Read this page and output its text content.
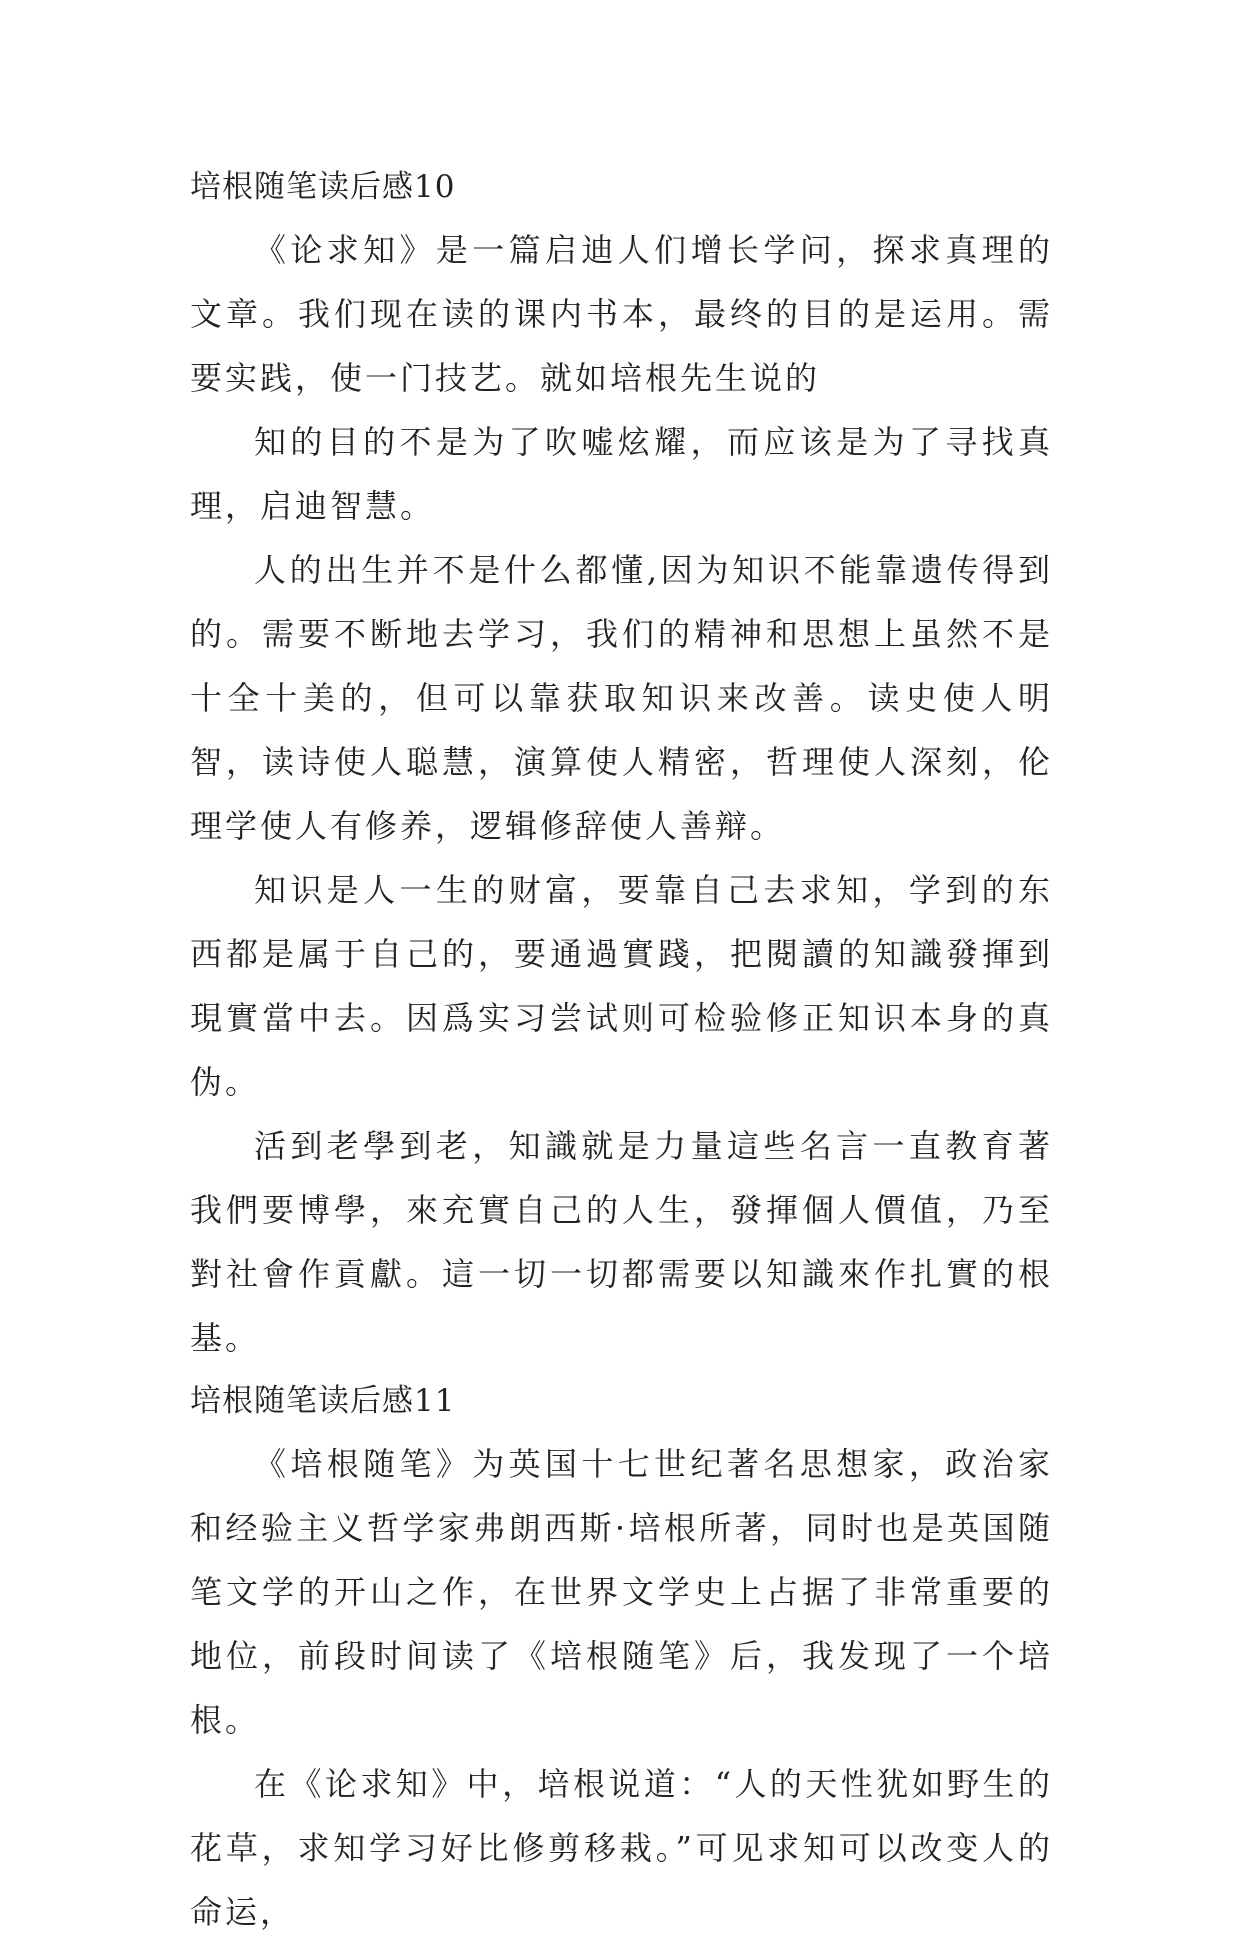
培根随笔读后感10

《论求知》是一篇启迪人们增长学问，探求真理的文章。我们现在读的课内书本，最终的目的是运用。需要实践，使一门技艺。就如培根先生说的

知的目的不是为了吹嘘炫耀，而应该是为了寻找真理，启迪智慧。

人的出生并不是什么都懂,因为知识不能靠遗传得到的。需要不断地去学习，我们的精神和思想上虽然不是十全十美的，但可以靠获取知识来改善。读史使人明智，读诗使人聪慧，演算使人精密，哲理使人深刻，伦理学使人有修养，逻辑修辞使人善辩。

知识是人一生的财富，要靠自己去求知，学到的东西都是属于自己的，要通過實踐，把閱讀的知識發揮到現實當中去。因爲实习尝试则可检验修正知识本身的真伪。

活到老學到老，知識就是力量這些名言一直教育著我們要博學，來充實自己的人生，發揮個人價值，乃至對社會作貢獻。這一切一切都需要以知識來作扎實的根基。

培根随笔读后感11

《培根随笔》为英国十七世纪著名思想家，政治家和经验主义哲学家弗朗西斯·培根所著，同时也是英国随笔文学的开山之作，在世界文学史上占据了非常重要的地位，前段时间读了《培根随笔》后，我发现了一个培根。

在《论求知》中，培根说道：“人的天性犹如野生的花草，求知学习好比修剪移栽。”可见求知可以改变人的命运，
